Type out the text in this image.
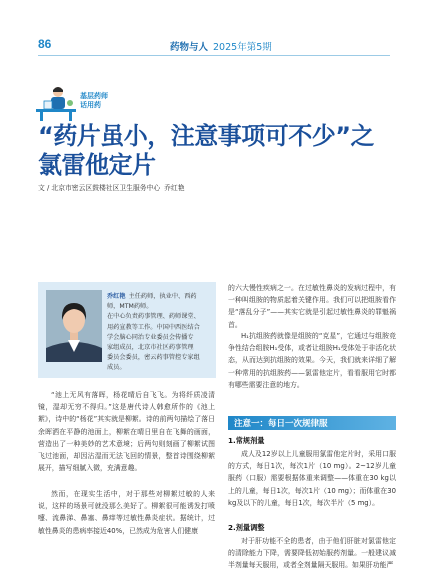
86	药物与人 2025年第5期
基层药师
话用药
“药片虽小，注意事项可不少”之
氯雷他定片
文 / 北京市密云区鼓楼社区卫生服务中心 乔红艳
乔红艳 主任药师，执业中、西药
师，MTM药师。
在中心负责药事管理、药师课堂、
用药宣教等工作。中国中西医结合
学会脑心同治专业委员会传播专
家组成员，北京市社区药事管理
委员会委员，密云药事管控专家组
成员。
“池上无风有落晖，杨花晴后自飞飞。为将纤质凌清镜，湿却无穷不得归。”这是唐代诗人韩愈所作的《池上絮》，诗中的“杨花”其实就是柳絮。诗的前两句描绘了落日余晖洒在平静的池面上，柳絮在晴日里自在飞舞的画面，营造出了一种美妙的艺术意境；后两句则刻画了柳絮试图飞过池面，却因沾湿而无法飞回的情景，整首诗围绕柳絮展开，描写细腻入微，充满意趣。
然而，在现实生活中，对于那些对柳絮过敏的人来说，这样的场景可就没那么美好了。柳絮很可能诱发打喷嚏、流鼻涕、鼻塞、鼻痒等过敏性鼻炎症状。据统计，过敏性鼻炎的患病率接近40%，已然成为危害人们健康
的六大慢性疾病之一。在过敏性鼻炎的发病过程中，有一种叫组胺的物质起着关键作用。我们可以把组胺看作是“落乱分子”——其实它就是引起过敏性鼻炎的罪魁祸首。
H₁抗组胺药就像是组胺的“克星”，它通过与组胺竞争性结合组胺H₁受体，或者让组胺H₁受体处于非活化状态，从而达到抗组胺的效果。今天，我们就来详细了解一种常用的抗组胺药——氯雷他定片，看看服用它时都有哪些需要注意的地方。
注意一：每日一次规律服
1.常规剂量
成人及12岁以上儿童服用氯雷他定片时，采用口服的方式，每日1次，每次1片（10 mg）。2~12岁儿童服药（口服）需要根据体重来调整——体重在30 kg以上的儿童，每日1次，每次1片（10 mg）；而体重在30 kg及以下的儿童，每日1次，每次半片（5 mg）。
2.剂量调整
对于肝功能不全的患者，由于他们肝脏对氯雷他定的清除能力下降，需要降低初始服药剂量。一般建议减半剂量每天服用，或者全剂量隔天服用。如果肝功能严
